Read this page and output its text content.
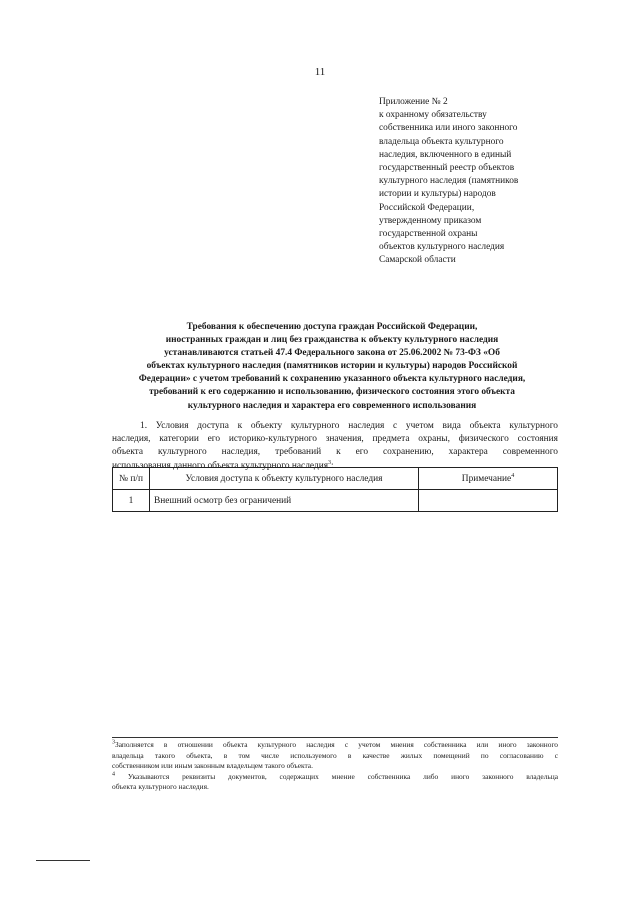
11
Приложение № 2
к охранному обязательству
собственника или иного законного
владельца объекта культурного
наследия, включенного в единый
государственный реестр объектов
культурного наследия (памятников
истории и культуры) народов
Российской Федерации,
утвержденному приказом
государственной охраны
объектов культурного наследия
Самарской области
Требования к обеспечению доступа граждан Российской Федерации,
иностранных граждан и лиц без гражданства к объекту культурного наследия
устанавливаются статьей 47.4 Федерального закона от 25.06.2002 № 73-ФЗ «Об
объектах культурного наследия (памятников истории и культуры) народов Российской
Федерации» с учетом требований к сохранению указанного объекта культурного наследия,
требований к его содержанию и использованию, физического состояния этого объекта
культурного наследия и характера его современного использования
1. Условия доступа к объекту культурного наследия с учетом вида объекта культурного
наследия, категории его историко-культурного значения, предмета охраны, физического состояния
объекта культурного наследия, требований к его сохранению, характера современного
использования данного объекта культурного наследия$^3$:
№ п/п	Условия доступа к объекту культурного наследия	Примечание$^4$
1	Внешний осмотр без ограничений	
$^3$Заполняется в отношении объекта культурного наследия с учетом мнения собственника или иного законного
владельца такого объекта, в том числе используемого в качестве жилых помещений по согласованию с
собственником или иным законным владельцем такого объекта.
$^4$ Указываются реквизиты документов, содержащих мнение собственника либо иного законного владельца
объекта культурного наследия.
